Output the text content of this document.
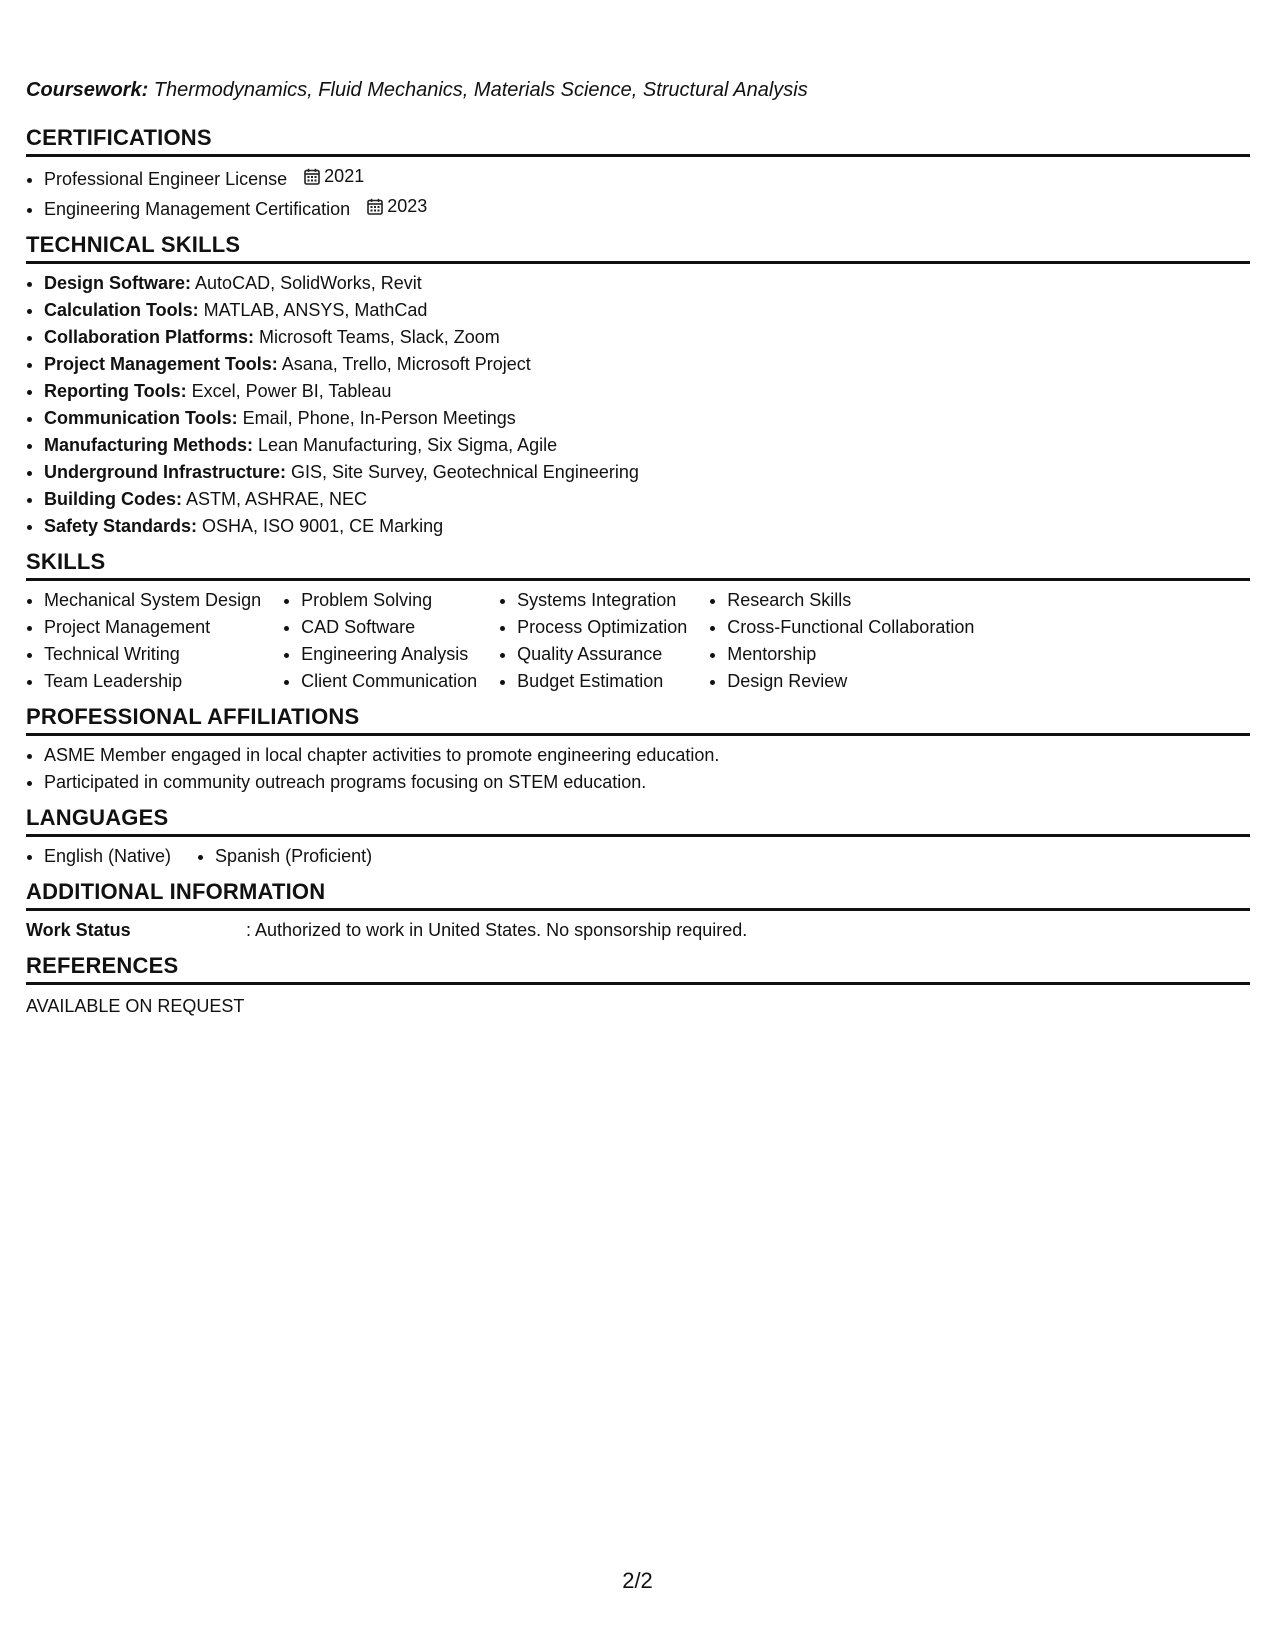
Coursework: Thermodynamics, Fluid Mechanics, Materials Science, Structural Analysis
CERTIFICATIONS
• Professional Engineer License 2021
• Engineering Management Certification 2023
TECHNICAL SKILLS
• Design Software: AutoCAD, SolidWorks, Revit
• Calculation Tools: MATLAB, ANSYS, MathCad
• Collaboration Platforms: Microsoft Teams, Slack, Zoom
• Project Management Tools: Asana, Trello, Microsoft Project
• Reporting Tools: Excel, Power BI, Tableau
• Communication Tools: Email, Phone, In-Person Meetings
• Manufacturing Methods: Lean Manufacturing, Six Sigma, Agile
• Underground Infrastructure: GIS, Site Survey, Geotechnical Engineering
• Building Codes: ASTM, ASHRAE, NEC
• Safety Standards: OSHA, ISO 9001, CE Marking
SKILLS
• Mechanical System Design
• Project Management
• Technical Writing
• Team Leadership
• Problem Solving
• CAD Software
• Engineering Analysis
• Client Communication
• Systems Integration
• Process Optimization
• Quality Assurance
• Budget Estimation
• Research Skills
• Cross-Functional Collaboration
• Mentorship
• Design Review
PROFESSIONAL AFFILIATIONS
• ASME Member engaged in local chapter activities to promote engineering education.
• Participated in community outreach programs focusing on STEM education.
LANGUAGES
• English (Native)
• Spanish (Proficient)
ADDITIONAL INFORMATION
Work Status	: Authorized to work in United States. No sponsorship required.
REFERENCES
AVAILABLE ON REQUEST
2/2
